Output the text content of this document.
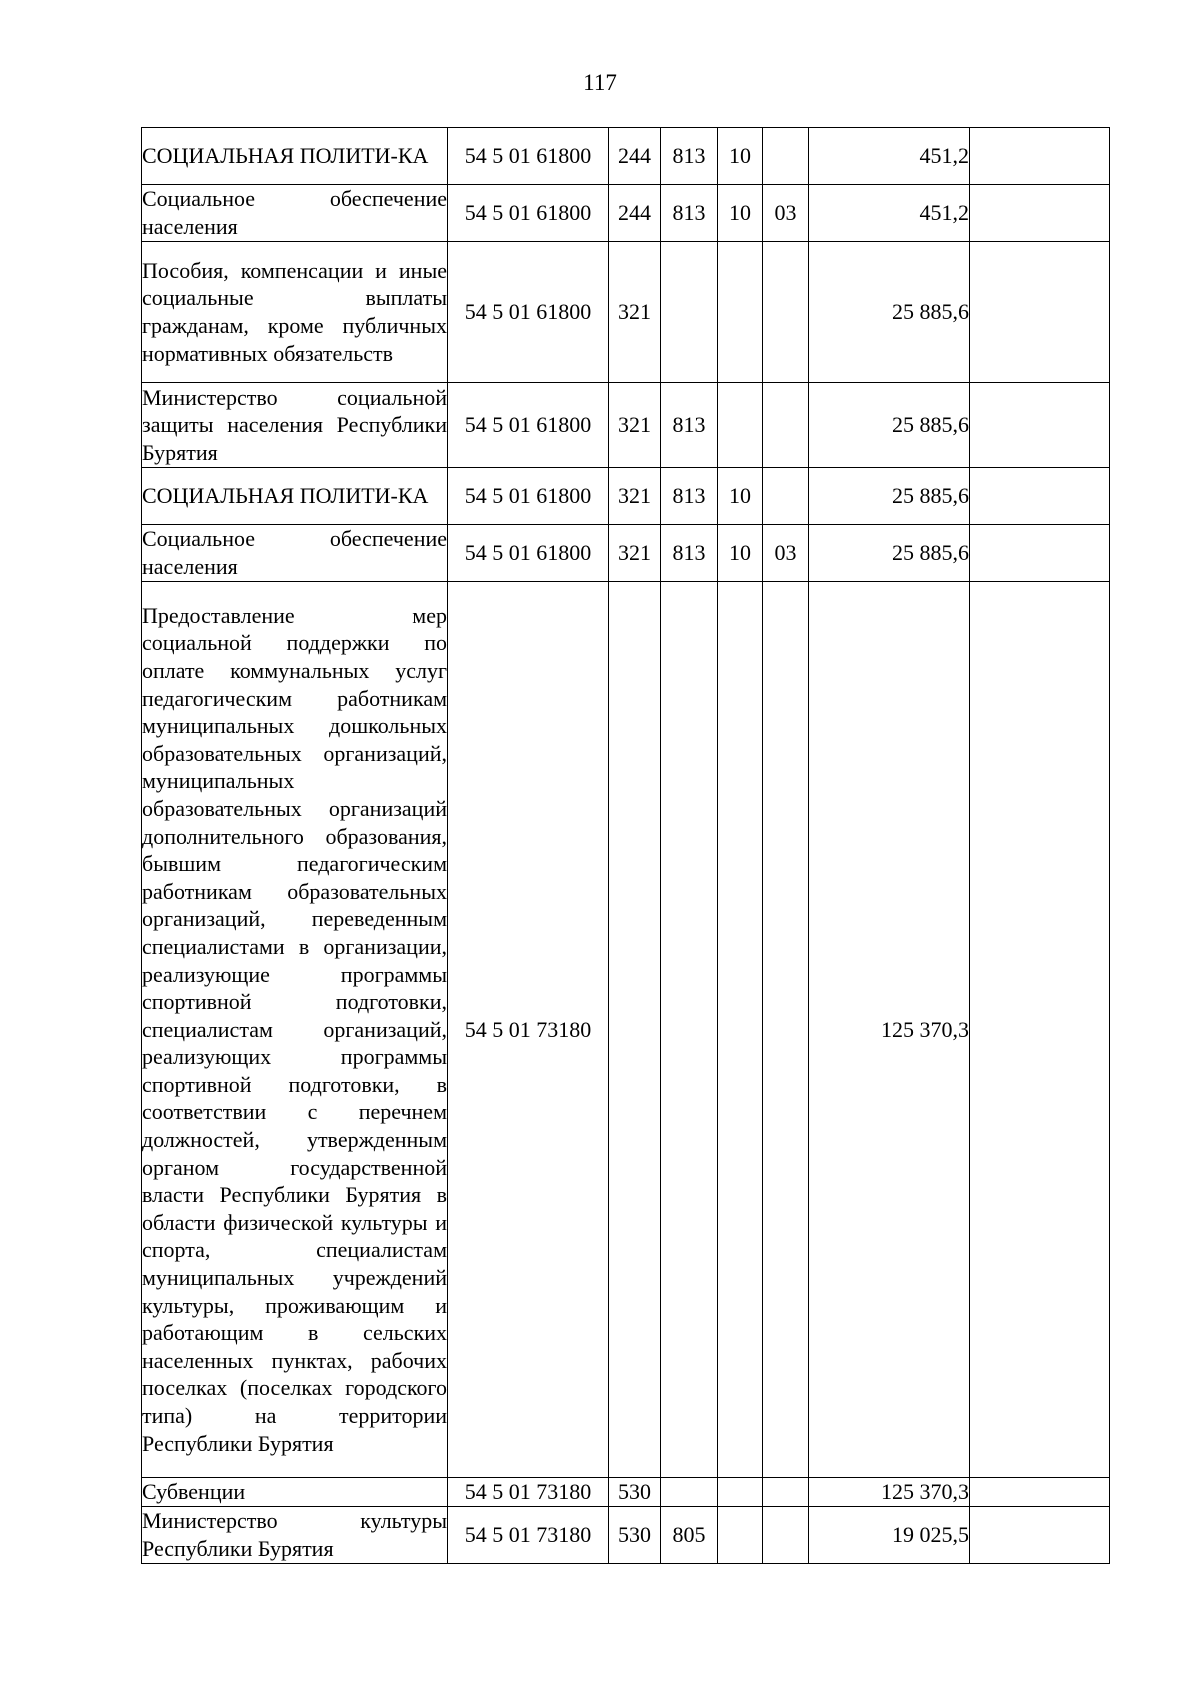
117
СОЦИАЛЬНАЯ ПОЛИТИ-КА	54 5 01 61800	244	813	10		451,2	
Социальное обеспечение населения	54 5 01 61800	244	813	10	03	451,2	
Пособия, компенсации и иные социальные выплаты гражданам, кроме публичных нормативных обязательств	54 5 01 61800	321				25 885,6	
Министерство социальной защиты населения Республики Бурятия	54 5 01 61800	321	813			25 885,6	
СОЦИАЛЬНАЯ ПОЛИТИ-КА	54 5 01 61800	321	813	10		25 885,6	
Социальное обеспечение населения	54 5 01 61800	321	813	10	03	25 885,6	
Предоставление мер социальной поддержки по оплате коммунальных услуг педагогическим работникам муниципальных дошкольных образовательных организаций, муниципальных образовательных организаций дополнительного образования, бывшим педагогическим работникам образовательных организаций, переведенным специалистами в организации, реализующие программы спортивной подготовки, специалистам организаций, реализующих программы спортивной подготовки, в соответствии с перечнем должностей, утвержденным органом государственной власти Республики Бурятия в области физической культуры и спорта, специалистам муниципальных учреждений культуры, проживающим и работающим в сельских населенных пунктах, рабочих поселках (поселках городского типа) на территории Республики Бурятия	54 5 01 73180					125 370,3	
Субвенции	54 5 01 73180	530				125 370,3	
Министерство культуры Республики Бурятия	54 5 01 73180	530	805			19 025,5	
